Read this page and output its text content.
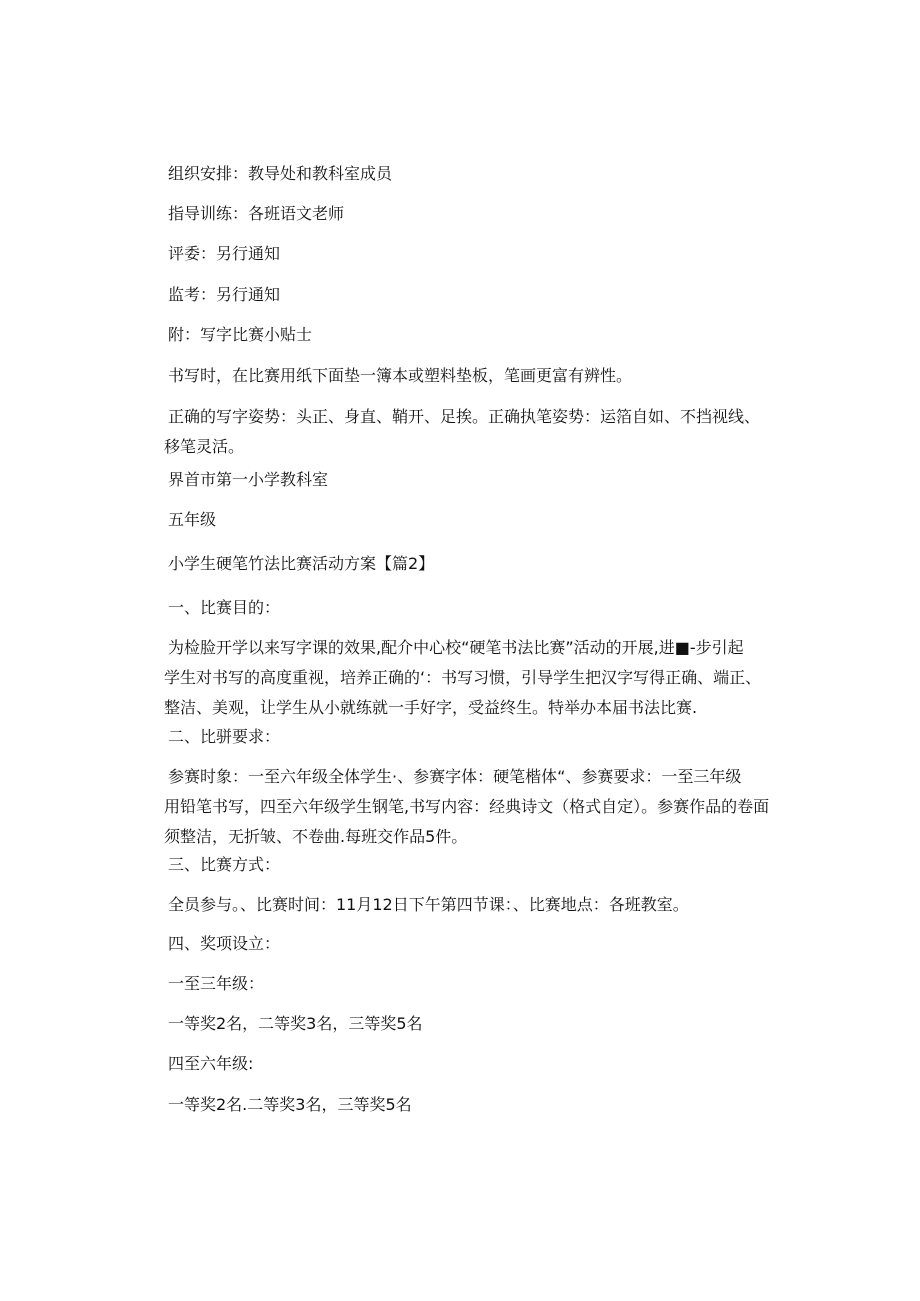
组织安排：教导处和教科室成员

指导训练：各班语文老师

评委：另行通知

监考：另行通知

附：写字比赛小贴士

书写时，在比赛用纸下面垫一簿本或塑料垫板，笔画更富有辨性。

正确的写字姿势：头正、身直、鞘开、足挨。正确执笔姿势：运箔自如、不挡视线、
移笔灵活。

界首市第一小学教科室

五年级

小学生硬笔竹法比赛活动方案【篇2】

一、比赛目的：

为检脸开学以来写字课的效果,配介中心校“硬笔书法比赛”活动的开展,进■-步引起
学生对书写的高度重视，培养正确的‘：书写习惯，引导学生把汉字写得正确、端正、
整洁、美观，让学生从小就练就一手好字，受益终生。特举办本届书法比赛.

二、比骈要求：

参赛时象：一至六年级全体学生·、参赛字体：硬笔楷体“、参赛要求：一至三年级
用铅笔书写，四至六年级学生钢笔,书写内容：经典诗文（格式自定）。参赛作品的卷面
须整洁，无折皱、不卷曲.每班交作品5件。

三、比赛方式：

全员参与。、比赛时间：11月12日下午第四节课：、比赛地点：各班教室。

四、奖项设立：

一至三年级：

一等奖2名，二等奖3名，三等奖5名

四至六年级:

一等奖2名.二等奖3名，三等奖5名
